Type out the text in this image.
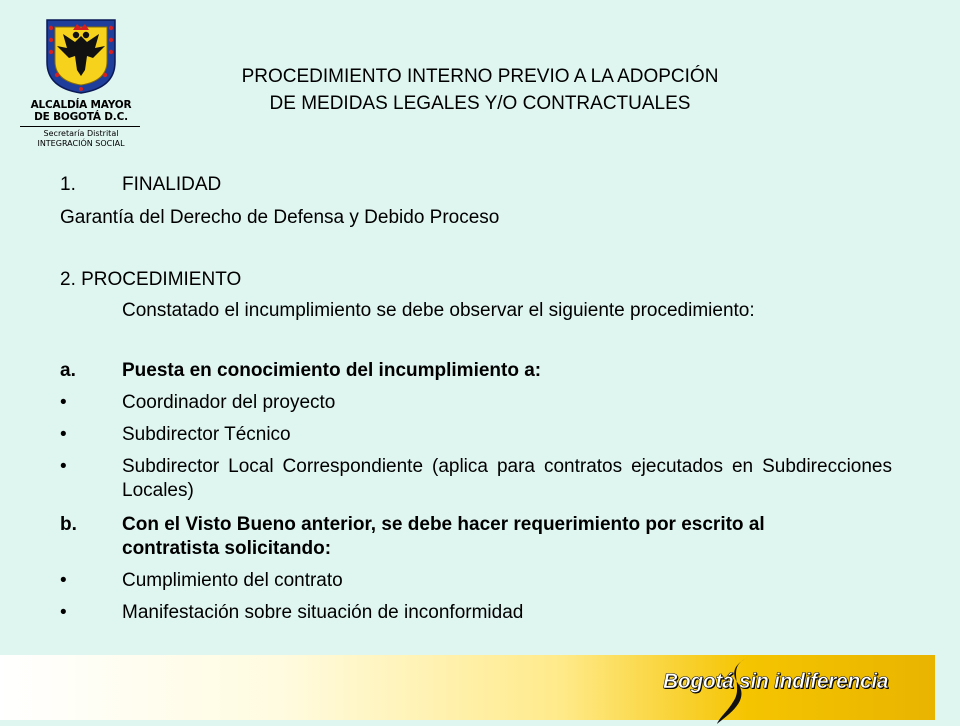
ALCALDÍA MAYOR
DE BOGOTÁ D.C.
Secretaría Distrital
INTEGRACIÓN SOCIAL
PROCEDIMIENTO INTERNO PREVIO A LA ADOPCIÓN
DE MEDIDAS LEGALES Y/O CONTRACTUALES
1. FINALIDAD
Garantía del Derecho de Defensa y Debido Proceso
2. PROCEDIMIENTO
Constatado el incumplimiento se debe observar el siguiente procedimiento:
a. Puesta en conocimiento del incumplimiento a:
•	Coordinador del proyecto
•	Subdirector Técnico
•	Subdirector Local Correspondiente (aplica para contratos ejecutados en Subdirecciones Locales)
b. Con el Visto Bueno anterior, se debe hacer requerimiento por escrito al contratista solicitando:
•	Cumplimiento del contrato
•	Manifestación sobre situación de inconformidad
Bogotá sin indiferencia
